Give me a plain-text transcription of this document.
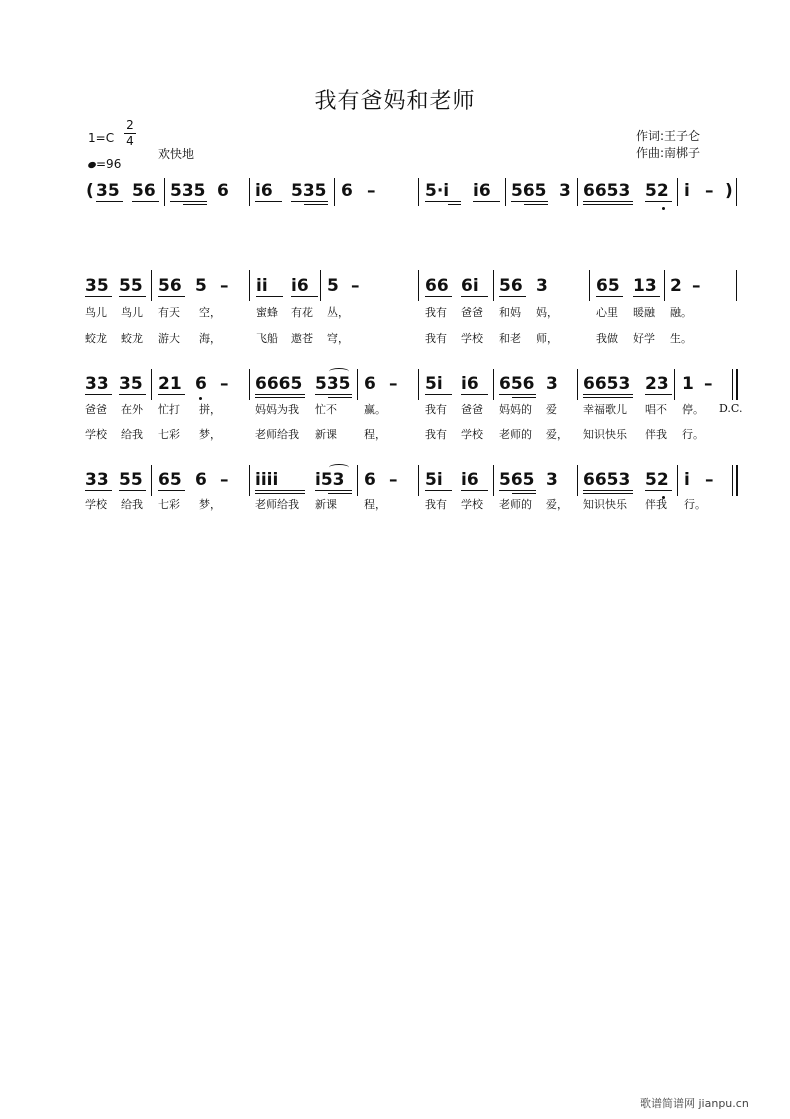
我有爸妈和老师
1=C
2
4
=96
欢快地
作词:王子仑
作曲:南梆子
( 35 56 535 6 i6 535 6 –	5·i i6 565 3 6653 52 i – )
35 55 56 5 – ii i6 5 –	66 6i 56 3	65 13 2 –
鸟儿 鸟儿 有天 空，	蜜蜂 有花 丛，	我有 爸爸 和妈 妈，	心里 暖融 融。
蛟龙 蛟龙 游大 海，	飞船 遨苍 穹，	我有 学校 和老 师，	我做 好学 生。
33 35 21 6 – 6665 535 6 – 5i i6 656 3 6653 23 1 –
爸爸 在外 忙打 拼，	妈妈为我 忙不 赢。	我有 爸爸 妈妈的 爱 幸福歌儿 唱不 停。 D.C.
学校 给我 七彩 梦，	老师给我 新课 程，	我有 学校 老师的 爱， 知识快乐 伴我 行。
33 55 65 6 – iiii i53 6 – 5i i6 565 3 6653 52 i –
学校 给我 七彩 梦，	老师给我 新课 程，	我有 学校 老师的 爱， 知识快乐 伴我 行。
歌谱简谱网 jianpu.cn
